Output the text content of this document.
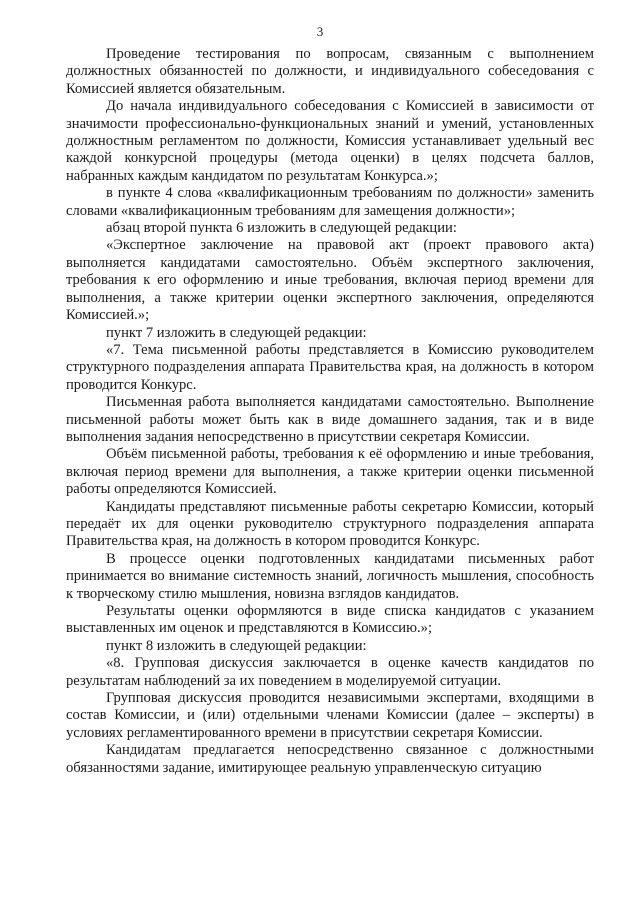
3

Проведение тестирования по вопросам, связанным с выполнением должностных обязанностей по должности, и индивидуального собеседования с Комиссией является обязательным.

До начала индивидуального собеседования с Комиссией в зависимости от значимости профессионально-функциональных знаний и умений, установленных должностным регламентом по должности, Комиссия устанавливает удельный вес каждой конкурсной процедуры (метода оценки) в целях подсчета баллов, набранных каждым кандидатом по результатам Конкурса.»;

в пункте 4 слова «квалификационным требованиям по должности» заменить словами «квалификационным требованиям для замещения должности»;

абзац второй пункта 6 изложить в следующей редакции:

«Экспертное заключение на правовой акт (проект правового акта) выполняется кандидатами самостоятельно. Объём экспертного заключения, требования к его оформлению и иные требования, включая период времени для выполнения, а также критерии оценки экспертного заключения, определяются Комиссией.»;

пункт 7 изложить в следующей редакции:

«7. Тема письменной работы представляется в Комиссию руководителем структурного подразделения аппарата Правительства края, на должность в котором проводится Конкурс.

Письменная работа выполняется кандидатами самостоятельно. Выполнение письменной работы может быть как в виде домашнего задания, так и в виде выполнения задания непосредственно в присутствии секретаря Комиссии.

Объём письменной работы, требования к её оформлению и иные требования, включая период времени для выполнения, а также критерии оценки письменной работы определяются Комиссией.

Кандидаты представляют письменные работы секретарю Комиссии, который передаёт их для оценки руководителю структурного подразделения аппарата Правительства края, на должность в котором проводится Конкурс.

В процессе оценки подготовленных кандидатами письменных работ принимается во внимание системность знаний, логичность мышления, способность к творческому стилю мышления, новизна взглядов кандидатов.

Результаты оценки оформляются в виде списка кандидатов с указанием выставленных им оценок и представляются в Комиссию.»;

пункт 8 изложить в следующей редакции:

«8. Групповая дискуссия заключается в оценке качеств кандидатов по результатам наблюдений за их поведением в моделируемой ситуации.

Групповая дискуссия проводится независимыми экспертами, входящими в состав Комиссии, и (или) отдельными членами Комиссии (далее – эксперты) в условиях регламентированного времени в присутствии секретаря Комиссии.

Кандидатам предлагается непосредственно связанное с должностными обязанностями задание, имитирующее реальную управленческую ситуацию
